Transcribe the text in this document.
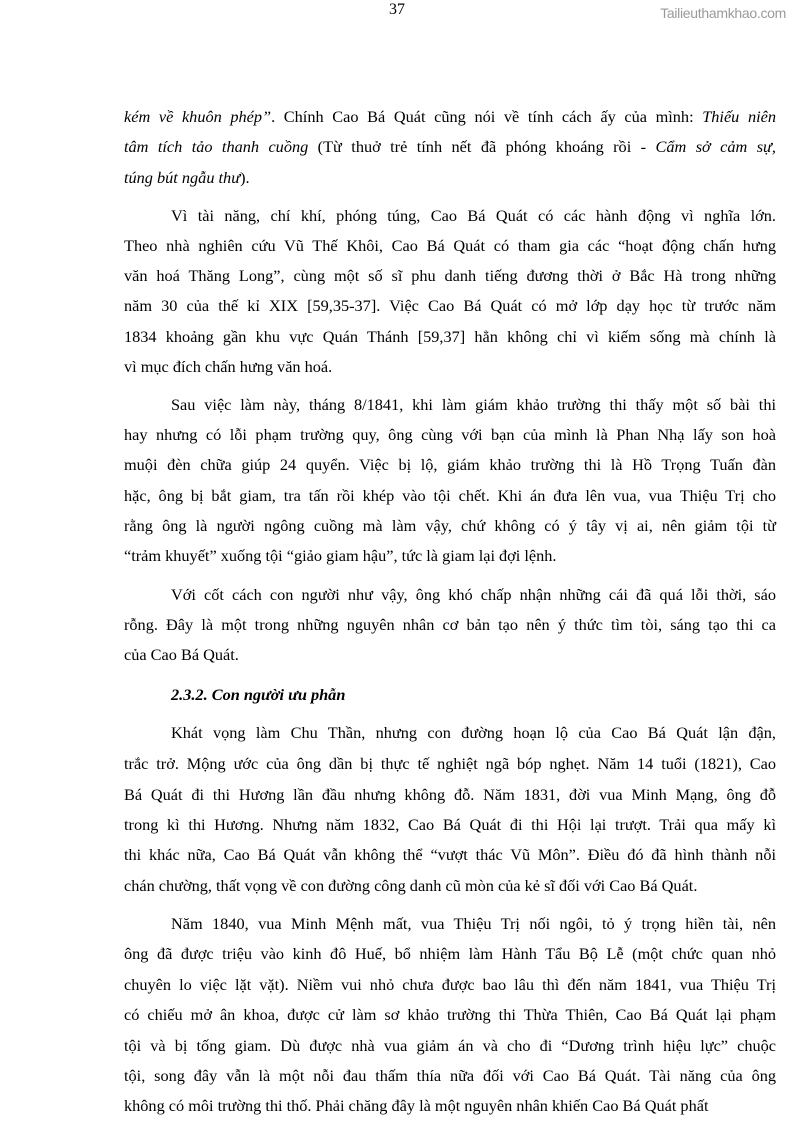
37	Tailieuthamkhao.com
kém về khuôn phép”. Chính Cao Bá Quát cũng nói về tính cách ấy của mình: Thiếu niên
tâm tích tảo thanh cuồng (Từ thuở trẻ tính nết đã phóng khoáng rồi - Cẩm sở cảm sự,
túng bút ngẫu thư).
Vì tài năng, chí khí, phóng túng, Cao Bá Quát có các hành động vì nghĩa lớn.
Theo nhà nghiên cứu Vũ Thế Khôi, Cao Bá Quát có tham gia các “hoạt động chấn hưng
văn hoá Thăng Long”, cùng một số sĩ phu danh tiếng đương thời ở Bắc Hà trong những
năm 30 của thế kỉ XIX [59,35-37]. Việc Cao Bá Quát có mở lớp dạy học từ trước năm
1834 khoảng gần khu vực Quán Thánh [59,37] hẳn không chỉ vì kiếm sống mà chính là
vì mục đích chấn hưng văn hoá.
Sau việc làm này, tháng 8/1841, khi làm giám khảo trường thi thấy một số bài thi
hay nhưng có lỗi phạm trường quy, ông cùng với bạn của mình là Phan Nhạ lấy son hoà
muội đèn chữa giúp 24 quyển. Việc bị lộ, giám khảo trường thi là Hồ Trọng Tuấn đàn
hặc, ông bị bắt giam, tra tấn rồi khép vào tội chết. Khi án đưa lên vua, vua Thiệu Trị cho
rằng ông là người ngông cuồng mà làm vậy, chứ không có ý tây vị ai, nên giảm tội từ
“trảm khuyết” xuống tội “giảo giam hậu”, tức là giam lại đợi lệnh.
Với cốt cách con người như vậy, ông khó chấp nhận những cái đã quá lỗi thời, sáo
rỗng. Đây là một trong những nguyên nhân cơ bản tạo nên ý thức tìm tòi, sáng tạo thi ca
của Cao Bá Quát.
2.3.2. Con người ưu phẫn
Khát vọng làm Chu Thần, nhưng con đường hoạn lộ của Cao Bá Quát lận đận,
trắc trở. Mộng ước của ông dần bị thực tế nghiệt ngã bóp nghẹt. Năm 14 tuổi (1821), Cao
Bá Quát đi thi Hương lần đầu nhưng không đỗ. Năm 1831, đời vua Minh Mạng, ông đỗ
trong kì thi Hương. Nhưng năm 1832, Cao Bá Quát đi thi Hội lại trượt. Trải qua mấy kì
thi khác nữa, Cao Bá Quát vẫn không thể “vượt thác Vũ Môn”. Điều đó đã hình thành nỗi
chán chường, thất vọng về con đường công danh cũ mòn của kẻ sĩ đối với Cao Bá Quát.
Năm 1840, vua Minh Mệnh mất, vua Thiệu Trị nối ngôi, tỏ ý trọng hiền tài, nên
ông đã được triệu vào kinh đô Huế, bổ nhiệm làm Hành Tẩu Bộ Lễ (một chức quan nhỏ
chuyên lo việc lặt vặt). Niềm vui nhỏ chưa được bao lâu thì đến năm 1841, vua Thiệu Trị
có chiếu mở ân khoa, được cử làm sơ khảo trường thi Thừa Thiên, Cao Bá Quát lại phạm
tội và bị tống giam. Dù được nhà vua giảm án và cho đi “Dương trình hiệu lực” chuộc
tội, song đây vẫn là một nỗi đau thấm thía nữa đối với Cao Bá Quát. Tài năng của ông
không có môi trường thi thố. Phải chăng đây là một nguyên nhân khiến Cao Bá Quát phất
